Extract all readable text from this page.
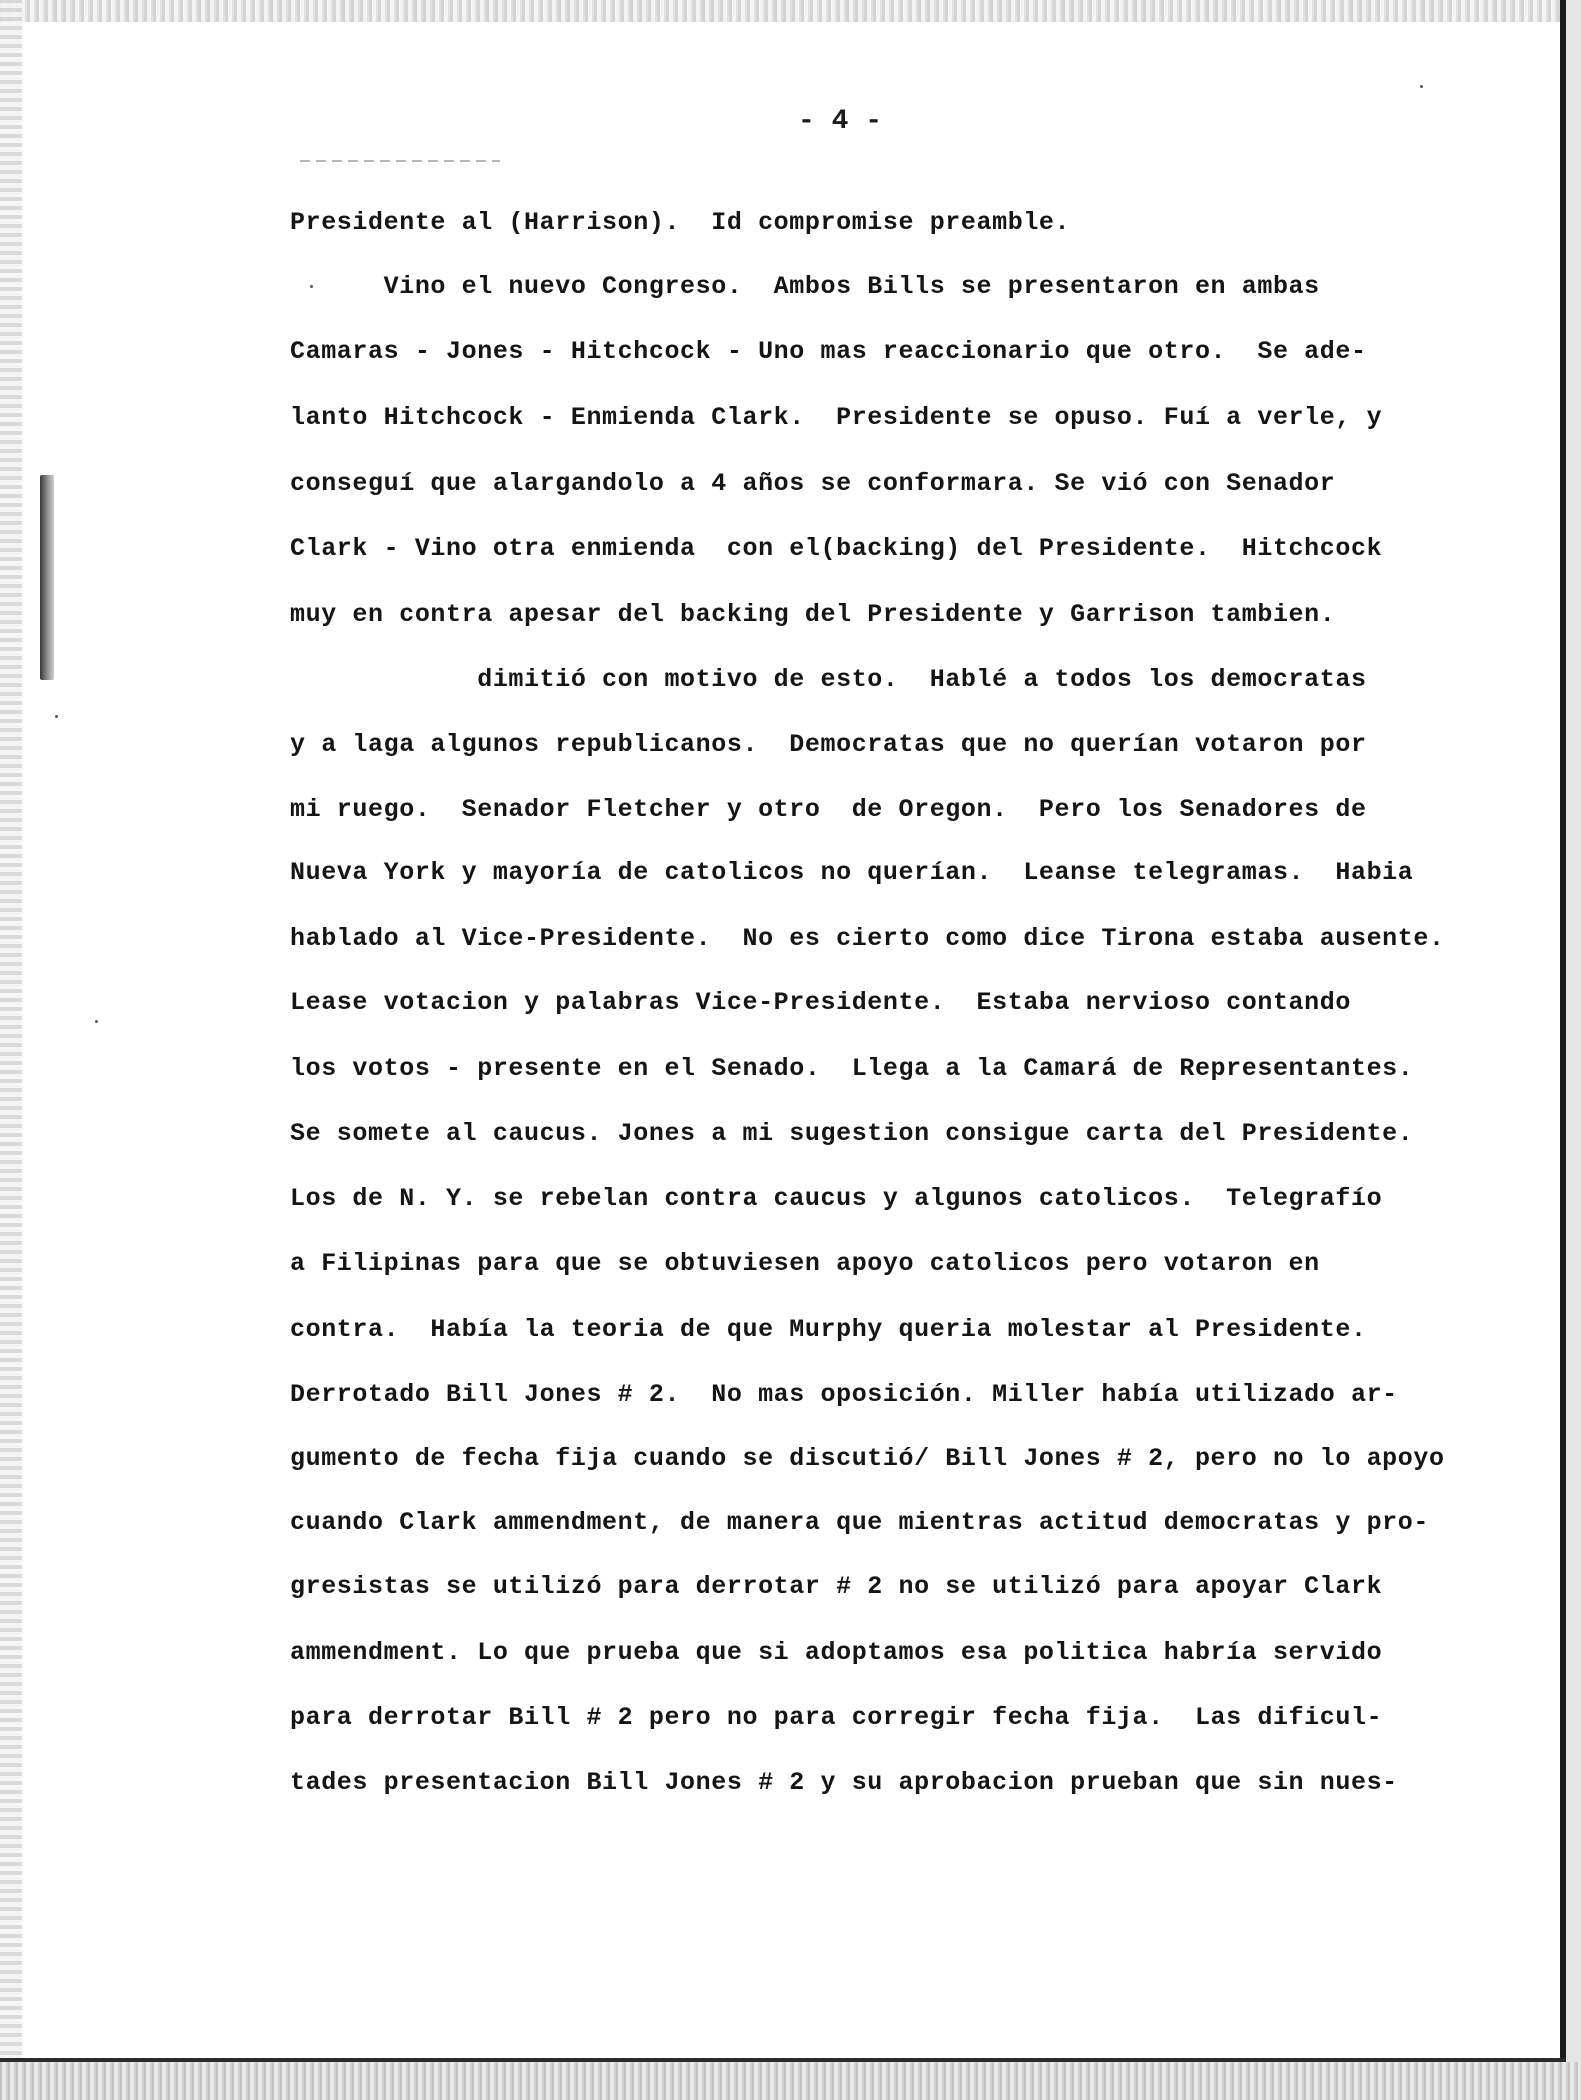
- 4 -
Presidente al (Harrison).  Id compromise preamble.
Vino el nuevo Congreso.  Ambos Bills se presentaron en ambas
Camaras - Jones - Hitchcock - Uno mas reaccionario que otro.  Se ade-
lanto Hitchcock - Enmienda Clark.  Presidente se opuso. Fuí a verle, y
conseguí que alargandolo a 4 años se conformara. Se vió con Senador
Clark - Vino otra enmienda  con el(backing) del Presidente.  Hitchcock
muy en contra apesar del backing del Presidente y Garrison tambien.
dimitió con motivo de esto.  Hablé a todos los democratas
y a laga algunos republicanos.  Democratas que no querían votaron por
mi ruego.  Senador Fletcher y otro  de Oregon.  Pero los Senadores de
Nueva York y mayoría de catolicos no querían.  Leanse telegramas.  Habia
hablado al Vice-Presidente.  No es cierto como dice Tirona estaba ausente.
Lease votacion y palabras Vice-Presidente.  Estaba nervioso contando
los votos - presente en el Senado.  Llega a la Camará de Representantes.
Se somete al caucus. Jones a mi sugestion consigue carta del Presidente.
Los de N. Y. se rebelan contra caucus y algunos catolicos.  Telegrafío
a Filipinas para que se obtuviesen apoyo catolicos pero votaron en
contra.  Había la teoria de que Murphy queria molestar al Presidente.
Derrotado Bill Jones # 2.  No mas oposición. Miller había utilizado ar-
gumento de fecha fija cuando se discutió/ Bill Jones # 2, pero no lo apoyo
cuando Clark ammendment, de manera que mientras actitud democratas y pro-
gresistas se utilizó para derrotar # 2 no se utilizó para apoyar Clark
ammendment. Lo que prueba que si adoptamos esa politica habría servido
para derrotar Bill # 2 pero no para corregir fecha fija.  Las dificul-
tades presentacion Bill Jones # 2 y su aprobacion prueban que sin nues-
